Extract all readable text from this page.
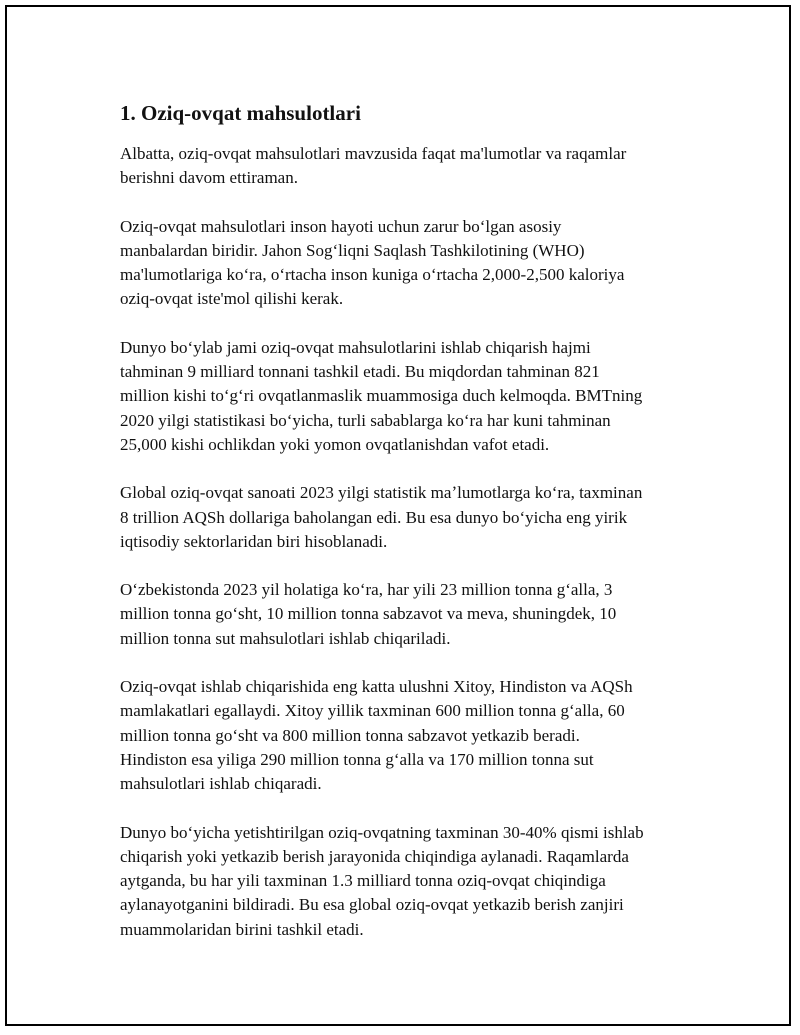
1. Oziq-ovqat mahsulotlari

Albatta, oziq-ovqat mahsulotlari mavzusida faqat ma'lumotlar va raqamlar
berishni davom ettiraman.

Oziq-ovqat mahsulotlari inson hayoti uchun zarur boʻlgan asosiy
manbalardan biridir. Jahon Sogʻliqni Saqlash Tashkilotining (WHO)
ma'lumotlariga koʻra, oʻrtacha inson kuniga oʻrtacha 2,000-2,500 kaloriya
oziq-ovqat iste'mol qilishi kerak.

Dunyo boʻylab jami oziq-ovqat mahsulotlarini ishlab chiqarish hajmi
tahminan 9 milliard tonnani tashkil etadi. Bu miqdordan tahminan 821
million kishi toʻgʻri ovqatlanmaslik muammosiga duch kelmoqda. BMTning
2020 yilgi statistikasi boʻyicha, turli sabablarga koʻra har kuni tahminan
25,000 kishi ochlikdan yoki yomon ovqatlanishdan vafot etadi.

Global oziq-ovqat sanoati 2023 yilgi statistik maʼlumotlarga koʻra, taxminan
8 trillion AQSh dollariga baholangan edi. Bu esa dunyo boʻyicha eng yirik
iqtisodiy sektorlaridan biri hisoblanadi.

Oʻzbekistonda 2023 yil holatiga koʻra, har yili 23 million tonna gʻalla, 3
million tonna goʻsht, 10 million tonna sabzavot va meva, shuningdek, 10
million tonna sut mahsulotlari ishlab chiqariladi.

Oziq-ovqat ishlab chiqarishida eng katta ulushni Xitoy, Hindiston va AQSh
mamlakatlari egallaydi. Xitoy yillik taxminan 600 million tonna gʻalla, 60
million tonna goʻsht va 800 million tonna sabzavot yetkazib beradi.
Hindiston esa yiliga 290 million tonna gʻalla va 170 million tonna sut
mahsulotlari ishlab chiqaradi.

Dunyo boʻyicha yetishtirilgan oziq-ovqatning taxminan 30-40% qismi ishlab
chiqarish yoki yetkazib berish jarayonida chiqindiga aylanadi. Raqamlarda
aytganda, bu har yili taxminan 1.3 milliard tonna oziq-ovqat chiqindiga
aylanayotganini bildiradi. Bu esa global oziq-ovqat yetkazib berish zanjiri
muammolaridan birini tashkil etadi.
